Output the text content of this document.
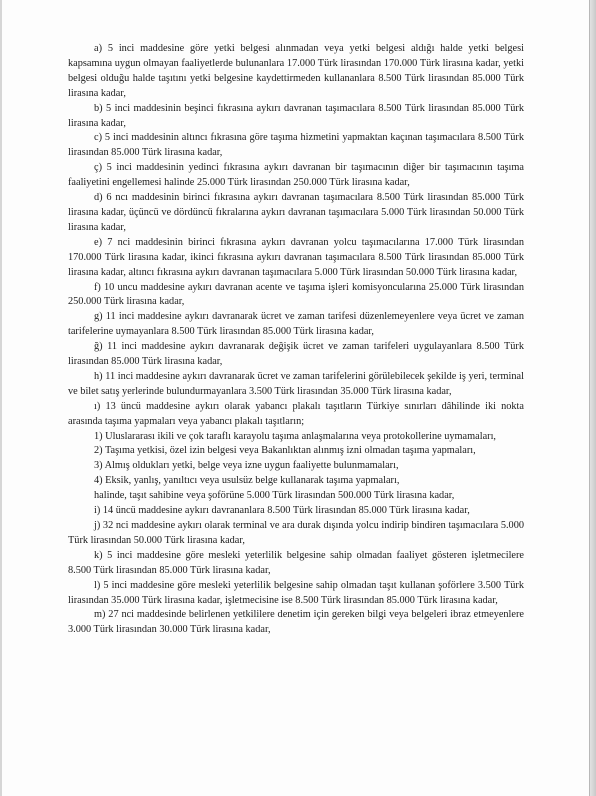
a) 5 inci maddesine göre yetki belgesi alınmadan veya yetki belgesi aldığı halde yetki belgesi kapsamına uygun olmayan faaliyetlerde bulunanlara 17.000 Türk lirasından 170.000 Türk lirasına kadar, yetki belgesi olduğu halde taşıtını yetki belgesine kaydettirmeden kullananlara 8.500 Türk lirasından 85.000 Türk lirasına kadar,

b) 5 inci maddesinin beşinci fıkrasına aykırı davranan taşımacılara 8.500 Türk lirasından 85.000 Türk lirasına kadar,

c) 5 inci maddesinin altıncı fıkrasına göre taşıma hizmetini yapmaktan kaçınan taşımacılara 8.500 Türk lirasından 85.000 Türk lirasına kadar,

ç) 5 inci maddesinin yedinci fıkrasına aykırı davranan bir taşımacının diğer bir taşımacının taşıma faaliyetini engellemesi halinde 25.000 Türk lirasından 250.000 Türk lirasına kadar,

d) 6 ncı maddesinin birinci fıkrasına aykırı davranan taşımacılara 8.500 Türk lirasından 85.000 Türk lirasına kadar, üçüncü ve dördüncü fıkralarına aykırı davranan taşımacılara 5.000 Türk lirasından 50.000 Türk lirasına kadar,

e) 7 nci maddesinin birinci fıkrasına aykırı davranan yolcu taşımacılarına 17.000 Türk lirasından 170.000 Türk lirasına kadar, ikinci fıkrasına aykırı davranan taşımacılara 8.500 Türk lirasından 85.000 Türk lirasına kadar, altıncı fıkrasına aykırı davranan taşımacılara 5.000 Türk lirasından 50.000 Türk lirasına kadar,

f) 10 uncu maddesine aykırı davranan acente ve taşıma işleri komisyoncularına 25.000 Türk lirasından 250.000 Türk lirasına kadar,

g) 11 inci maddesine aykırı davranarak ücret ve zaman tarifesi düzenlemeyenlere veya ücret ve zaman tarifelerine uymayanlara 8.500 Türk lirasından 85.000 Türk lirasına kadar,

ğ) 11 inci maddesine aykırı davranarak değişik ücret ve zaman tarifeleri uygulayanlara 8.500 Türk lirasından 85.000 Türk lirasına kadar,

h) 11 inci maddesine aykırı davranarak ücret ve zaman tarifelerini görülebilecek şekilde iş yeri, terminal ve bilet satış yerlerinde bulundurmayanlara 3.500 Türk lirasından 35.000 Türk lirasına kadar,

ı) 13 üncü maddesine aykırı olarak yabancı plakalı taşıtların Türkiye sınırları dâhilinde iki nokta arasında taşıma yapmaları veya yabancı plakalı taşıtların;

1) Uluslararası ikili ve çok taraflı karayolu taşıma anlaşmalarına veya protokollerine uymamaları,

2) Taşıma yetkisi, özel izin belgesi veya Bakanlıktan alınmış izni olmadan taşıma yapmaları,

3) Almış oldukları yetki, belge veya izne uygun faaliyette bulunmamaları,

4) Eksik, yanlış, yanıltıcı veya usulsüz belge kullanarak taşıma yapmaları,

halinde, taşıt sahibine veya şoförüne 5.000 Türk lirasından 500.000 Türk lirasına kadar,

i) 14 üncü maddesine aykırı davrananlara 8.500 Türk lirasından 85.000 Türk lirasına kadar,

j) 32 nci maddesine aykırı olarak terminal ve ara durak dışında yolcu indirip bindiren taşımacılara 5.000 Türk lirasından 50.000 Türk lirasına kadar,

k) 5 inci maddesine göre mesleki yeterlilik belgesine sahip olmadan faaliyet gösteren işletmecilere 8.500 Türk lirasından 85.000 Türk lirasına kadar,

l) 5 inci maddesine göre mesleki yeterlilik belgesine sahip olmadan taşıt kullanan şoförlere 3.500 Türk lirasından 35.000 Türk lirasına kadar, işletmecisine ise 8.500 Türk lirasından 85.000 Türk lirasına kadar,

m) 27 nci maddesinde belirlenen yetkililere denetim için gereken bilgi veya belgeleri ibraz etmeyenlere 3.000 Türk lirasından 30.000 Türk lirasına kadar,
